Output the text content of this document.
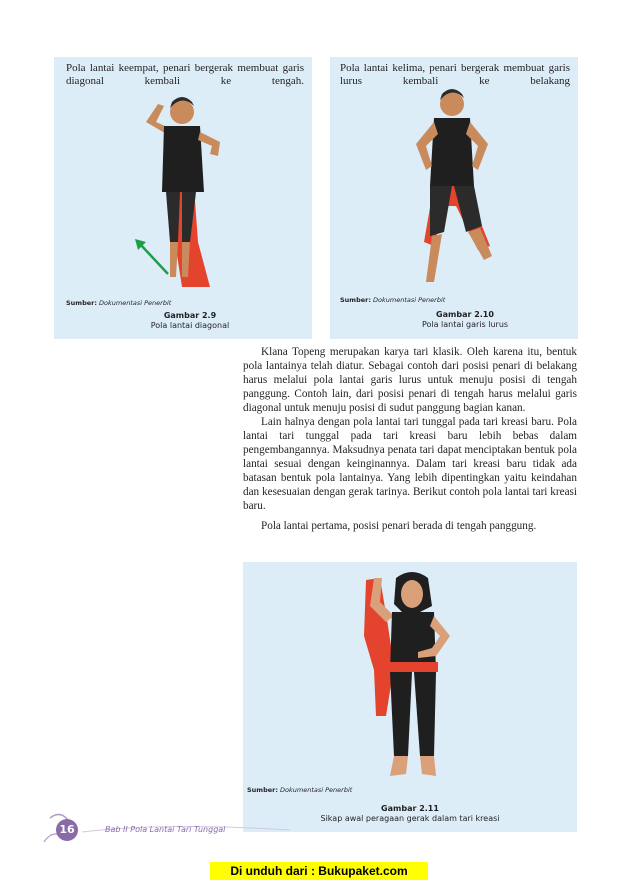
Pola lantai keempat, penari bergerak membuat garis diagonal kembali ke tengah.
Sumber: Dokumentasi Penerbit
Gambar 2.9
Pola lantai diagonal
Pola lantai kelima, penari bergerak membuat garis lurus kembali ke belakang
Sumber: Dokumentasi Penerbit
Gambar 2.10
Pola lantai garis lurus

Klana Topeng merupakan karya tari klasik. Oleh karena itu, bentuk pola lantainya telah diatur. Sebagai contoh dari posisi penari di belakang harus melalui pola lantai garis lurus untuk menuju posisi di tengah panggung. Contoh lain, dari posisi penari di tengah harus melalui garis diagonal untuk menuju posisi di sudut panggung bagian kanan.

Lain halnya dengan pola lantai tari tunggal pada tari kreasi baru. Pola lantai tari tunggal pada tari kreasi baru lebih bebas dalam pengembangannya. Maksudnya penata tari dapat menciptakan bentuk pola lantai sesuai dengan keinginannya. Dalam tari kreasi baru tidak ada batasan bentuk pola lantainya. Yang lebih dipentingkan yaitu keindahan dan kesesuaian dengan gerak tarinya. Berikut contoh pola lantai tari kreasi baru.

Pola lantai pertama, posisi penari berada di tengah panggung.

Sumber: Dokumentasi Penerbit
Gambar 2.11
Sikap awal peragaan gerak dalam tari kreasi
16	Bab II Pola Lantai Tari Tunggal
Di unduh dari : Bukupaket.com
